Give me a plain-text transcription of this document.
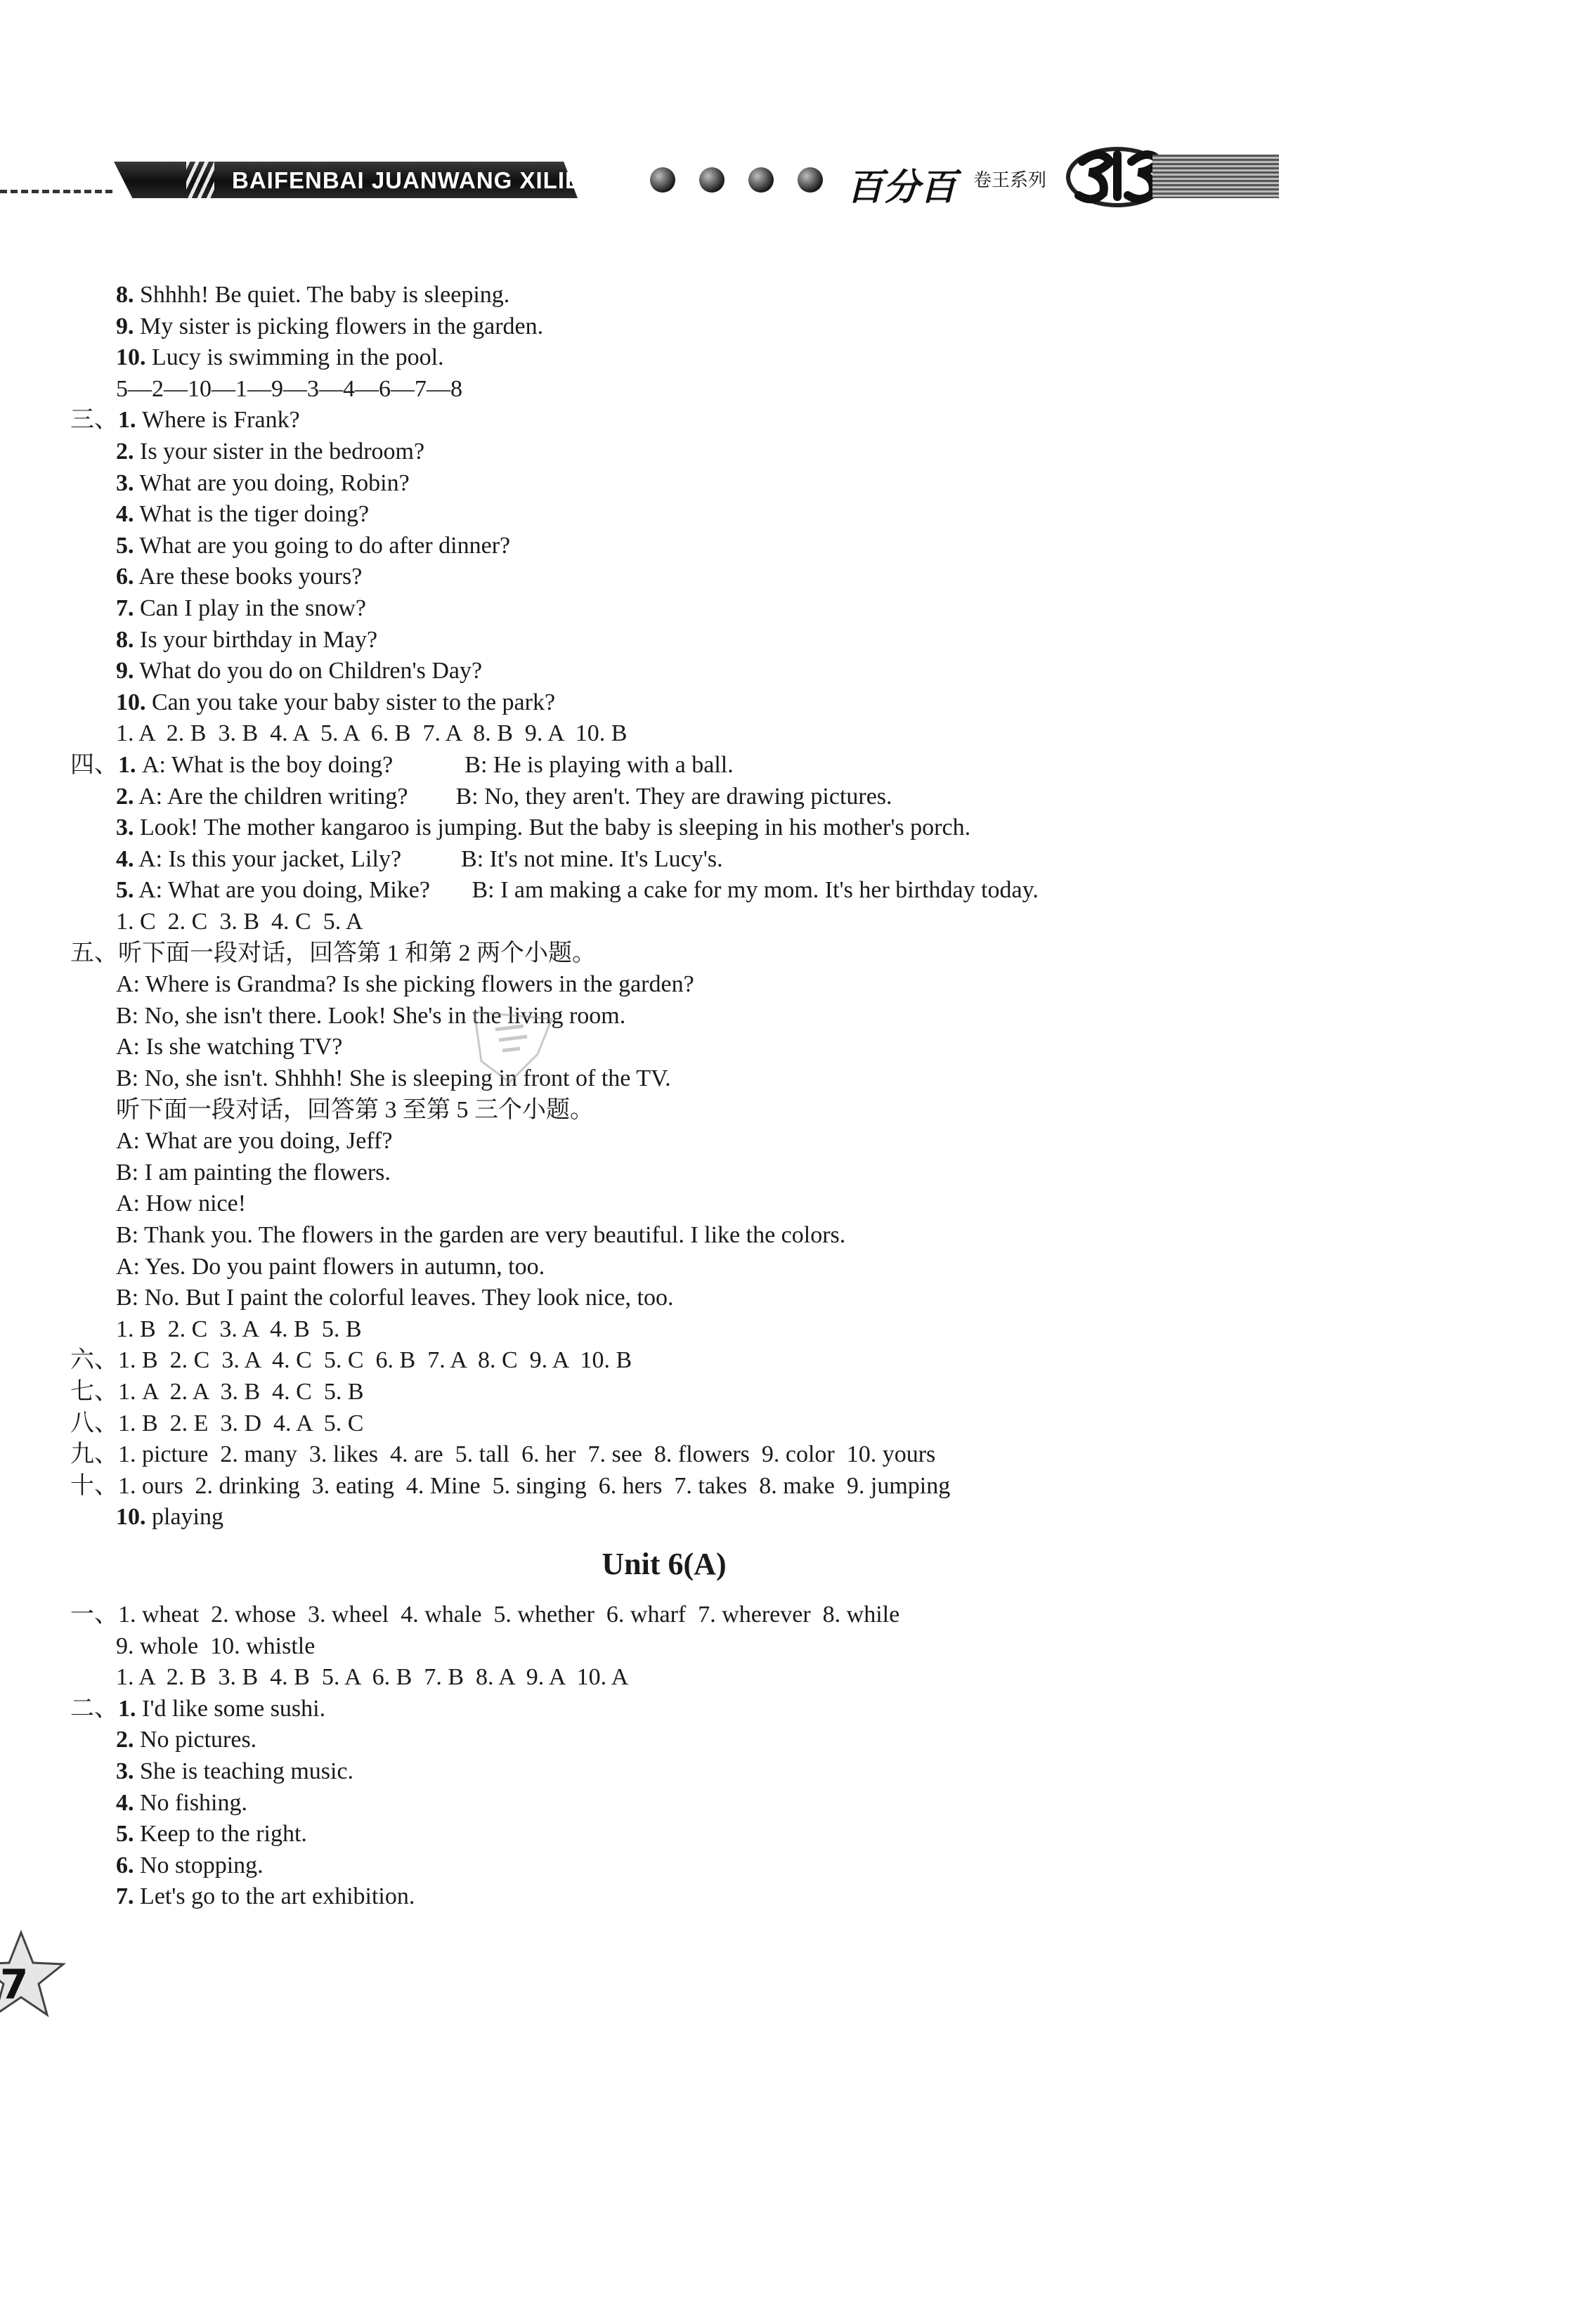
BAIFENBAI JUANWANG XILIE	百分百 卷王系列
8. Shhhh! Be quiet. The baby is sleeping.
9. My sister is picking flowers in the garden.
10. Lucy is swimming in the pool.
5—2—10—1—9—3—4—6—7—8
三、1. Where is Frank?
2. Is your sister in the bedroom?
3. What are you doing, Robin?
4. What is the tiger doing?
5. What are you going to do after dinner?
6. Are these books yours?
7. Can I play in the snow?
8. Is your birthday in May?
9. What do you do on Children's Day?
10. Can you take your baby sister to the park?
1. A  2. B  3. B  4. A  5. A  6. B  7. A  8. B  9. A  10. B
四、1. A: What is the boy doing?            B: He is playing with a ball.
2. A: Are the children writing?        B: No, they aren't. They are drawing pictures.
3. Look! The mother kangaroo is jumping. But the baby is sleeping in his mother's porch.
4. A: Is this your jacket, Lily?          B: It's not mine. It's Lucy's.
5. A: What are you doing, Mike?       B: I am making a cake for my mom. It's her birthday today.
1. C  2. C  3. B  4. C  5. A
五、听下面一段对话，回答第 1 和第 2 两个小题。
A: Where is Grandma? Is she picking flowers in the garden?
B: No, she isn't there. Look! She's in the living room.
A: Is she watching TV?
B: No, she isn't. Shhhh! She is sleeping in front of the TV.
听下面一段对话，回答第 3 至第 5 三个小题。
A: What are you doing, Jeff?
B: I am painting the flowers.
A: How nice!
B: Thank you. The flowers in the garden are very beautiful. I like the colors.
A: Yes. Do you paint flowers in autumn, too.
B: No. But I paint the colorful leaves. They look nice, too.
1. B  2. C  3. A  4. B  5. B
六、1. B  2. C  3. A  4. C  5. C  6. B  7. A  8. C  9. A  10. B
七、1. A  2. A  3. B  4. C  5. B
八、1. B  2. E  3. D  4. A  5. C
九、1. picture  2. many  3. likes  4. are  5. tall  6. her  7. see  8. flowers  9. color  10. yours
十、1. ours  2. drinking  3. eating  4. Mine  5. singing  6. hers  7. takes  8. make  9. jumping
10. playing
一、1. wheat  2. whose  3. wheel  4. whale  5. whether  6. wharf  7. wherever  8. while
9. whole  10. whistle
1. A  2. B  3. B  4. B  5. A  6. B  7. B  8. A  9. A  10. A
二、1. I'd like some sushi.
2. No pictures.
3. She is teaching music.
4. No fishing.
5. Keep to the right.
6. No stopping.
7. Let's go to the art exhibition.
Unit 6(A)
7
